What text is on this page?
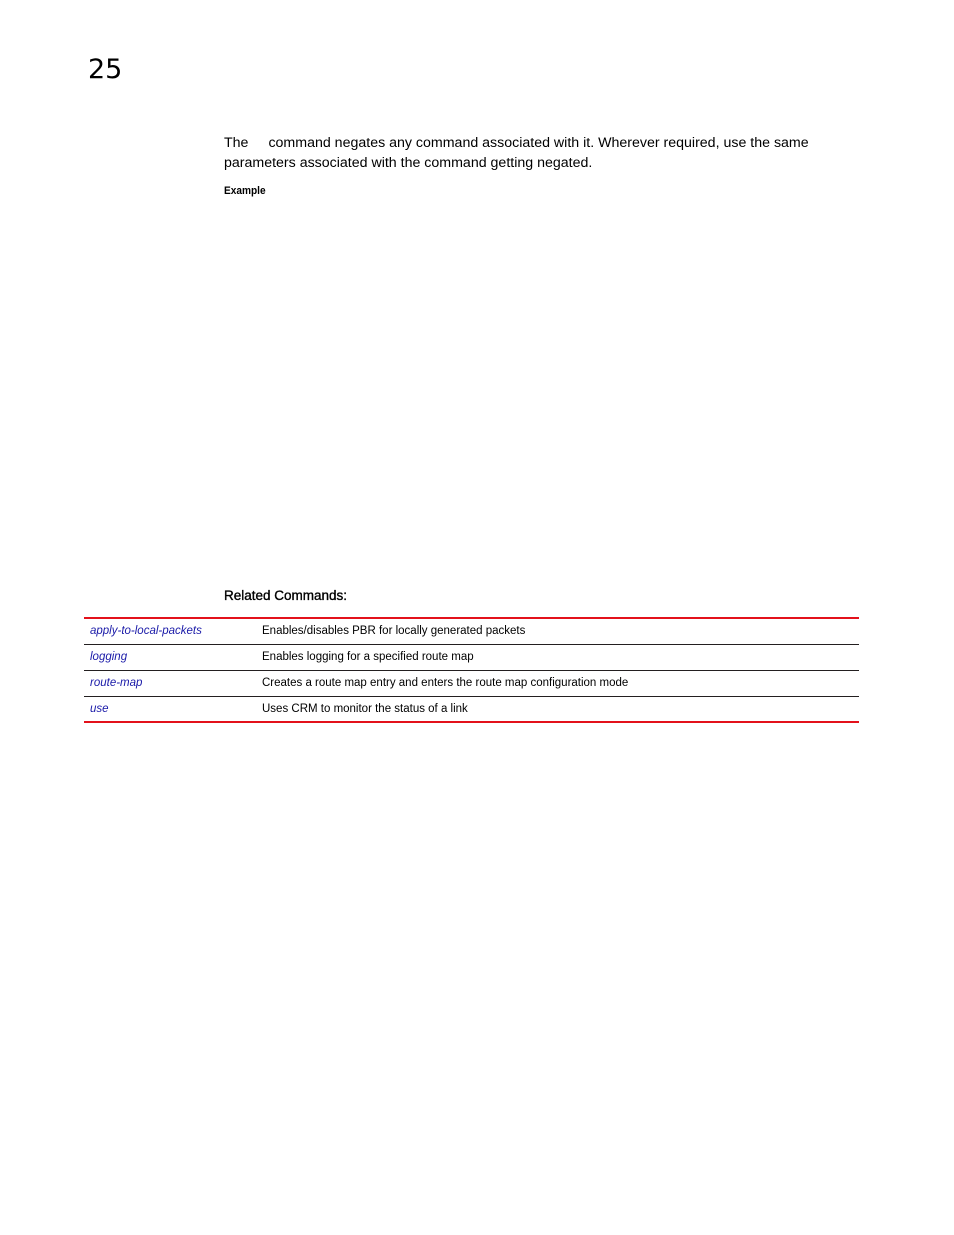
25

The command negates any command associated with it. Wherever required, use the same parameters associated with the command getting negated.

Example
Related Commands:
apply-to-local-packets	Enables/disables PBR for locally generated packets
logging	Enables logging for a specified route map
route-map	Creates a route map entry and enters the route map configuration mode
use	Uses CRM to monitor the status of a link
